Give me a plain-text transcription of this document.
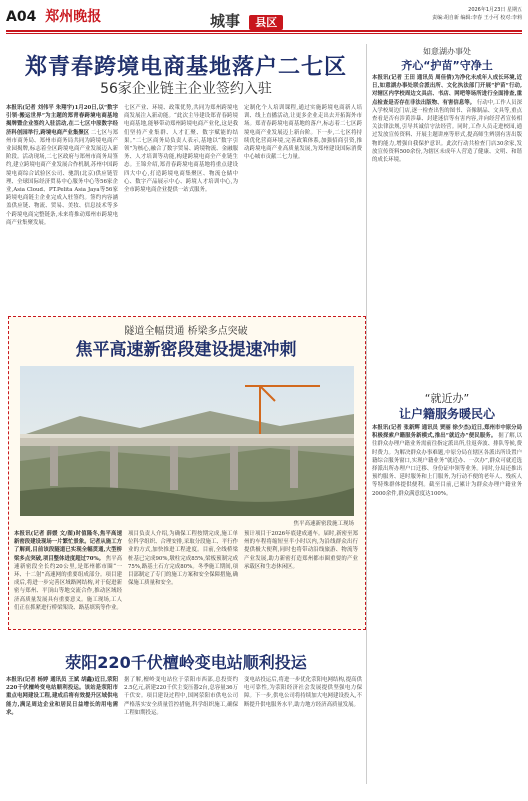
A04 郑州晚报	城事 县区
2026年1月23日 星期五
责编:胡自新 编辑:李春 王小可 校对:李莉
郑青春跨境电商基地落户二七区
56家企业链主企业签约入驻
本报讯(记者 刘伟平 朱翔宇)1月20日,以“数字引领·搬运世界”为主题的郑青春跨境电商基地揭牌暨企业签约入驻活动,在二七区中原数字经济科创园举行,跨境电商产业集聚区 二七区与郑州市商务局、郑州市商务局共同为跨境电商产业园揭牌,标志着全区跨境电商产业发展迈入新阶段。活动现场,二七区政府与郑州市商务局签约,建立跨境电商产业发展合作机制,苏州中国跨境电商综合试验区公司、驰凯(北京)供应链管理、全球国际经济贸易中心服务中心等56家企业,Asia Cloud、PT.Pelita Asia Jaya等56家跨境电商链主企业完成入驻签约。签约内容涵盖供应链、物流、贸易、美妆、信息技术等多个跨境电商完整链条,未来将推动郑州市跨境电商产业集聚发展。
七区产业、环境、政策优势,共同为郑州跨境电商发展注入新动能。“此次主导建设郑青春跨境电商基地,能够带动郑州跨境电商产业化,这是我们坚持产业集群、人才汇聚、数字赋能的结果。”二七区商务局负责人表示,基地以“数字引领”为核心,融合了数字贸易、跨境物流、金融服务、人才培训等功能,构建跨境电商全产业链生态。王锦介绍,郑青春跨境电商基地将重点建设四大中心,打造跨境电商集聚区、物流仓储中心、数字产品展示中心、跨境人才培训中心,为全市跨境电商企业提供一站式服务。
定制化个人培训课程,通过实施跨境电商新人培训、线上直播活动,让更多企业走出去开拓海外市场。郑青春跨境电商基地的落户,标志着二七区跨境电商产业发展迈上新台阶。下一步,二七区将持续优化营商环境,完善政策体系,加强招商引资,推动跨境电商产业高质量发展,为郑州建设国际消费中心城市贡献二七力量。
如意湖办事处
齐心“护苗”守净土
本报讯(记者 王田 通讯员 周佳倩)为净化未成年人成长环境,近日,如意湖办事处联合派出所、文化执法部门开展“护苗”行动,对辖区内学校周边文具店、书店、网吧等场所进行全面排查,重点检查是否存在非法出版物、有害信息等。 行动中,工作人员深入学校周边门店,逐一检查出售的图书、音像制品、文具等,重点查看是否有涉黄涉暴、封建迷信等有害内容,并向经营者宣传相关法律法规,引导其诚信守法经营。同时,工作人员走进校园,通过发放宣传资料、开展主题讲座等形式,提高师生辨别有害出版物的能力,增强自我保护意识。此次行动共检查门店30余家,发放宣传资料500余份,为辖区未成年人营造了健康、文明、和谐的成长环境。
“就近办”
让户籍服务暖民心
本报讯(记者 张新辉 通讯员 贾丽 徐少杰)近日,郑州市中原分局积极探索户籍服务新模式,推出“就近办”便民服务。 据了解,以往群众办理户籍业务需前往指定派出所,往返奔波、排队等候,费时费力。为解决群众办事难题,中原分局在辖区各派出所设置户籍综合服务窗口,实现户籍业务“就近办、一次办”,群众可就近选择派出所办理户口迁移、身份证申领等业务。同时,分局还推出预约服务、延时服务和上门服务,为行动不便的老年人、残疾人等特殊群体提供便利。截至目前,已累计为群众办理户籍业务2000余件,群众满意度达100%。
隧道全幅贯通 桥梁多点突破
焦平高速新密段建设提速冲刺
焦平高速新密段施工现场
本报讯(记者 薛媛 文/图)时值隆冬,焦平高速新密段建设现场一片繁忙景象。记者从施工方了解到,目前该段隧道已实现全幅贯通,大型桥梁多点突破,项目整体进度超过70%。 焦平高速新密段全长约20公里,是郑州都市圈“一环、十二射”高速网的重要组成部分。项目建成后,将进一步完善区域路网结构,对于促进新密与郑州、平顶山等地交流合作,推动区域经济高质量发展具有重要意义。施工现场,工人们正在抓紧进行桥梁架设、路基填筑等作业。
项目负责人介绍,为确保工程按期完成,施工单位科学组织、合理安排,采取分段施工、平行作业的方式,加快推进工程进度。目前,全线桥梁桩基已完成90%,墩柱完成85%,梁板预制完成75%,路基土石方完成80%。冬季施工期间,项目部制定了专门的施工方案和安全保障措施,确保施工质量和安全。
预计项目于2026年底建成通车。届时,新密至郑州的车程将缩短至半小时以内,为沿线群众出行提供极大便利,同时也将带动沿线旅游、物流等产业发展,助力新密打造郑州都市圈重要的产业承载区和生态休闲区。
荥阳220千伏檀岭变电站顺利投运
本报讯(记者 杨婷 通讯员 王斌 胡鑫)近日,荥阳220千伏檀岭变电站顺利投运。该站是荥阳市重点电网建设工程,建成后将有效提升区域供电能力,满足周边企业和居民日益增长的用电需求。
据了解,檀岭变电站位于荥阳市西部,总投资约2.5亿元,新建220千伏主变压器2台,总容量36万千伏安。项目建设过程中,国网荥阳市供电公司严格落实安全质量管控措施,科学组织施工,确保工程如期投运。
变电站投运后,将进一步优化荥阳电网结构,提高供电可靠性,为荥阳经济社会发展提供坚强电力保障。下一步,供电公司将持续加大电网建设投入,不断提升供电服务水平,助力地方经济高质量发展。
